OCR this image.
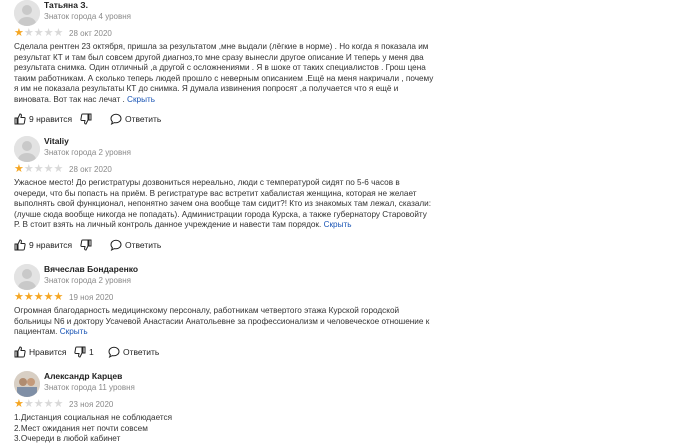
Татьяна З.
Знаток города 4 уровня
★★★★★ 28 окт 2020
Сделала рентген 23 октября, пришла за результатом ,мне выдали (лёгкие в норме) . Но когда я показала им результат КТ и там был совсем другой диагноз,то мне сразу вынесли другое описание И теперь у меня два результата снимка. Один отличный ,а другой с осложнениями . Я в шоке от таких специалистов . Грош цена таким работникам. А сколько теперь людей прошло с неверным описанием .Ещё на меня накричали , почему я им не показала результаты КТ до снимка. Я думала извинения попросят ,а получается что я ещё и виновата. Вот так нас лечат . Скрыть
9 нравится	Ответить
Vitaliy
Знаток города 2 уровня
★★★★★ 28 окт 2020
Ужасное место! До регистратуры дозвониться нереально, люди с температурой сидят по 5-6 часов в очереди, что бы попасть на приём. В регистратуре вас встретит хабалистая женщина, которая не желает выполнять свой функционал, непонятно зачем она вообще там сидит?! Кто из знакомых там лежал, сказали: (лучше сюда вообще никогда не попадать). Администрации города Курска, а также губернатору Старовойту Р. В стоит взять на личный контроль данное учреждение и навести там порядок. Скрыть
9 нравится	Ответить
Вячеслав Бондаренко
Знаток города 2 уровня
★★★★★ 19 ноя 2020
Огромная благодарность медицинскому персоналу, работникам четвертого этажа Курской городской больницы N6 и доктору Усачевой Анастасии Анатольевне за профессионализм и человеческое отношение к пациентам. Скрыть
Нравится	1	Ответить
Александр Карцев
Знаток города 11 уровня
★★★★★ 23 ноя 2020
1.Дистанция социальная не соблюдается
2.Мест ожидания нет почти совсем
3.Очереди в любой кабинет
